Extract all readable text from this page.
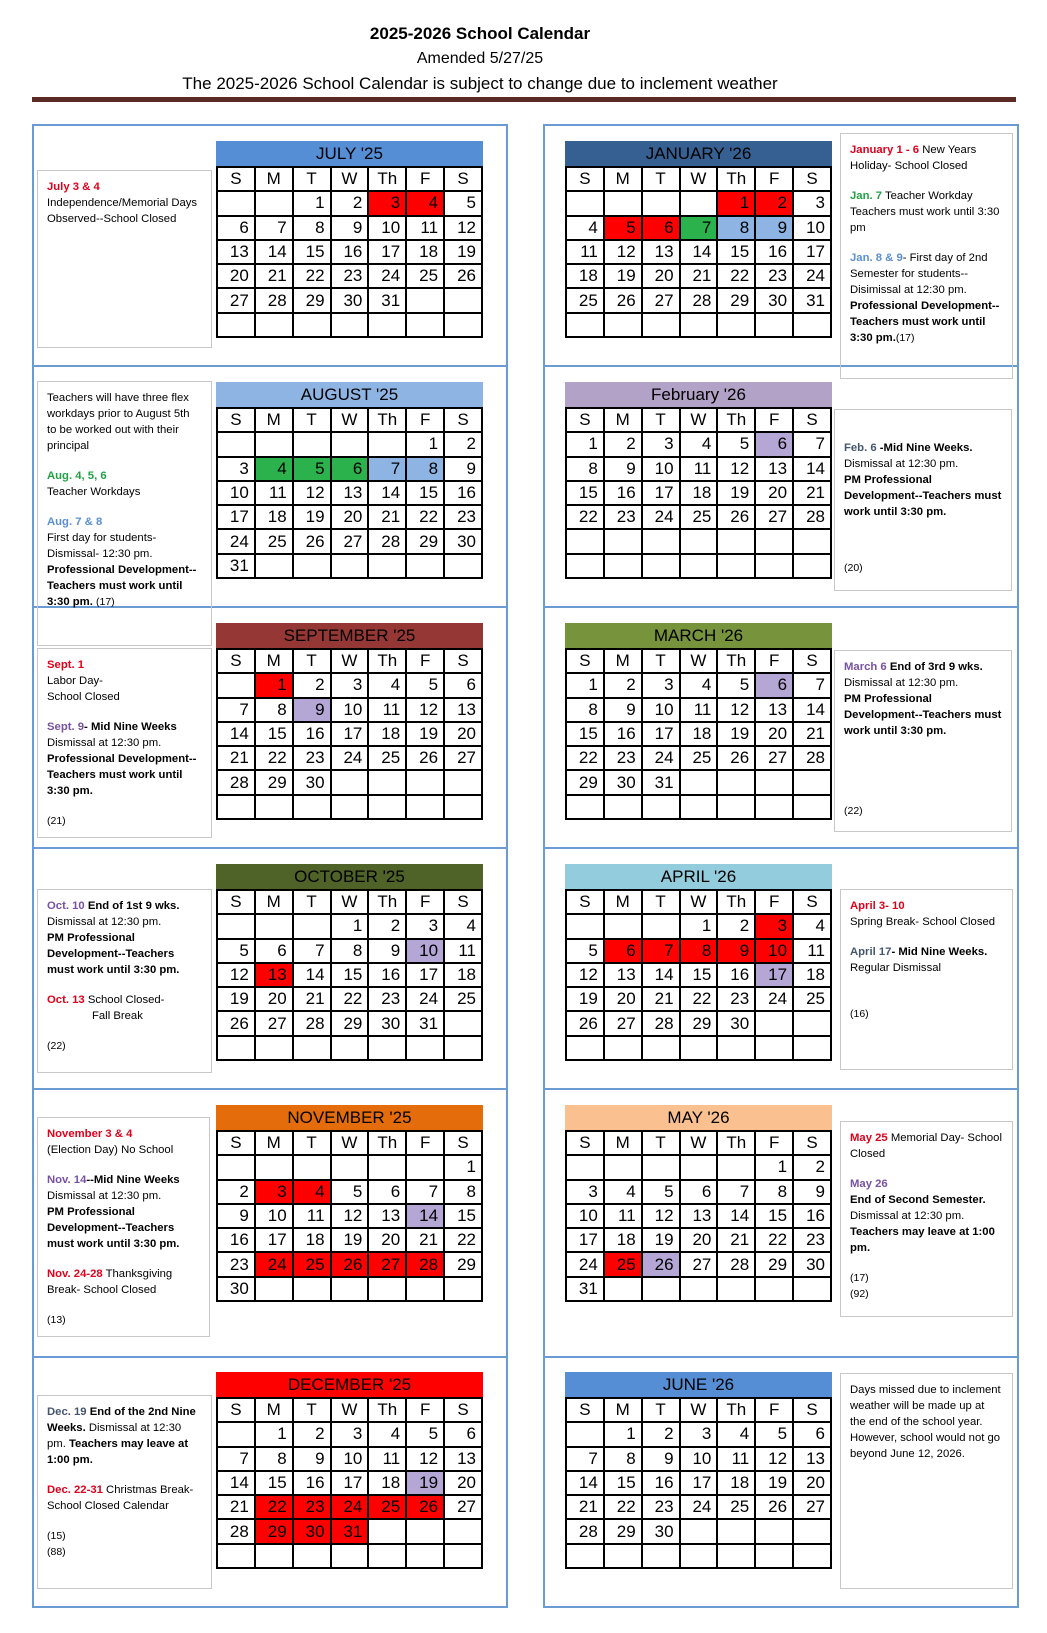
2025-2026 School Calendar
Amended 5/27/25
The 2025-2026 School Calendar is subject to change due to inclement weather
JULY '25
S	M	T	W	Th	F	S
		1	2	3	4	5
6	7	8	9	10	11	12
13	14	15	16	17	18	19
20	21	22	23	24	25	26
27	28	29	30	31		

AUGUST '25
S	M	T	W	Th	F	S
					1	2
3	4	5	6	7	8	9
10	11	12	13	14	15	16
17	18	19	20	21	22	23
24	25	26	27	28	29	30
31						
SEPTEMBER '25
S	M	T	W	Th	F	S
	1	2	3	4	5	6
7	8	9	10	11	12	13
14	15	16	17	18	19	20
21	22	23	24	25	26	27
28	29	30				

OCTOBER '25
S	M	T	W	Th	F	S
			1	2	3	4
5	6	7	8	9	10	11
12	13	14	15	16	17	18
19	20	21	22	23	24	25
26	27	28	29	30	31	

NOVEMBER '25
S	M	T	W	Th	F	S
						1
2	3	4	5	6	7	8
9	10	11	12	13	14	15
16	17	18	19	20	21	22
23	24	25	26	27	28	29
30						
DECEMBER '25
S	M	T	W	Th	F	S
	1	2	3	4	5	6
7	8	9	10	11	12	13
14	15	16	17	18	19	20
21	22	23	24	25	26	27
28	29	30	31			

JANUARY '26
S	M	T	W	Th	F	S
				1	2	3
4	5	6	7	8	9	10
11	12	13	14	15	16	17
18	19	20	21	22	23	24
25	26	27	28	29	30	31

February '26
S	M	T	W	Th	F	S
1	2	3	4	5	6	7
8	9	10	11	12	13	14
15	16	17	18	19	20	21
22	23	24	25	26	27	28

MARCH '26
S	M	T	W	Th	F	S
1	2	3	4	5	6	7
8	9	10	11	12	13	14
15	16	17	18	19	20	21
22	23	24	25	26	27	28
29	30	31				

APRIL '26
S	M	T	W	Th	F	S
			1	2	3	4
5	6	7	8	9	10	11
12	13	14	15	16	17	18
19	20	21	22	23	24	25
26	27	28	29	30		

MAY '26
S	M	T	W	Th	F	S
					1	2
3	4	5	6	7	8	9
10	11	12	13	14	15	16
17	18	19	20	21	22	23
24	25	26	27	28	29	30
31						
JUNE '26
S	M	T	W	Th	F	S
	1	2	3	4	5	6
7	8	9	10	11	12	13
14	15	16	17	18	19	20
21	22	23	24	25	26	27
28	29	30				

July 3 & 4
Independence/Memorial Days Observed--School Closed

Teachers will have three flex workdays prior to August 5th to be worked out with their principal

Aug. 4, 5, 6

Teacher Workdays

Aug. 7 & 8
First day for students-Dismissal- 12:30 pm.
Professional Development--Teachers must work until 3:30 pm. (17)
Sept. 1
Labor Day-

School Closed

Sept. 9- Mid Nine Weeks
Dismissal at 12:30 pm.

Professional Development--Teachers must work until 3:30 pm.

(21)
Oct. 10 End of 1st 9 wks.
Dismissal at 12:30 pm.

PM Professional Development--Teachers must work until 3:30 pm.

Oct. 13 School Closed-
Fall Break
(22)
November 3 & 4

(Election Day) No School

Nov. 14--Mid Nine Weeks
Dismissal at 12:30 pm.

PM Professional Development--Teachers must work until 3:30 pm.

Nov. 24-28 Thanksgiving Break- School Closed

(13)

Dec. 19 End of the 2nd Nine Weeks. Dismissal at 12:30 pm. Teachers may leave at 1:00 pm.

Dec. 22-31 Christmas Break- School Closed Calendar

(15)
(88)

January 1 - 6 New Years Holiday- School Closed

Jan. 7 Teacher Workday Teachers must work until 3:30 pm

Jan. 8 & 9- First day of 2nd Semester for students--Disimissal at 12:30 pm.
Professional Development--Teachers must work until 3:30 pm.(17)
Feb. 6 -Mid Nine Weeks.
Dismissal at 12:30 pm.
PM Professional Development--Teachers must work until 3:30 pm.
(20)
March 6 End of 3rd 9 wks.
Dismissal at 12:30 pm.
PM Professional Development--Teachers must work until 3:30 pm.
(22)
April 3- 10

Spring Break- School Closed

April 17- Mid Nine Weeks.
Regular Dismissal
(16)

May 25 Memorial Day- School Closed

May 26
End of Second Semester.
Dismissal at 12:30 pm.
Teachers may leave at 1:00 pm.
(17)
(92)
Days missed due to inclement weather will be made up at the end of the school year. However, school would not go beyond June 12, 2026.
